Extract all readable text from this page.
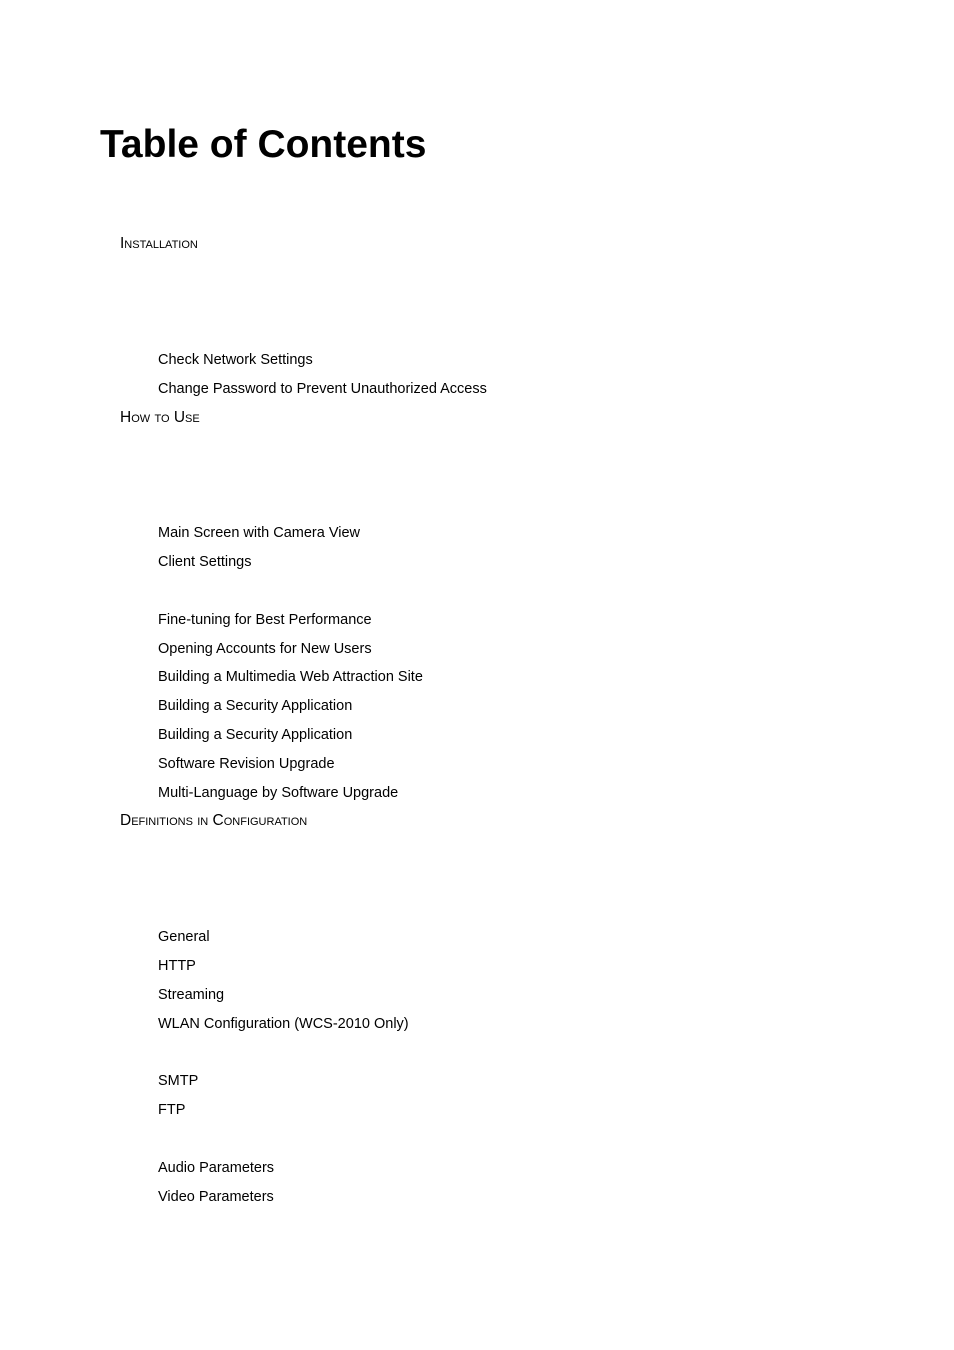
Table of Contents
Installation
Check Network Settings
Change Password to Prevent Unauthorized Access
How to Use
Main Screen with Camera View
Client Settings
Fine-tuning for Best Performance
Opening Accounts for New Users
Building a Multimedia Web Attraction Site
Building a Security Application
Building a Security Application
Software Revision Upgrade
Multi-Language by Software Upgrade
Definitions in Configuration
General
HTTP
Streaming
WLAN Configuration (WCS-2010 Only)
SMTP
FTP
Audio Parameters
Video Parameters
